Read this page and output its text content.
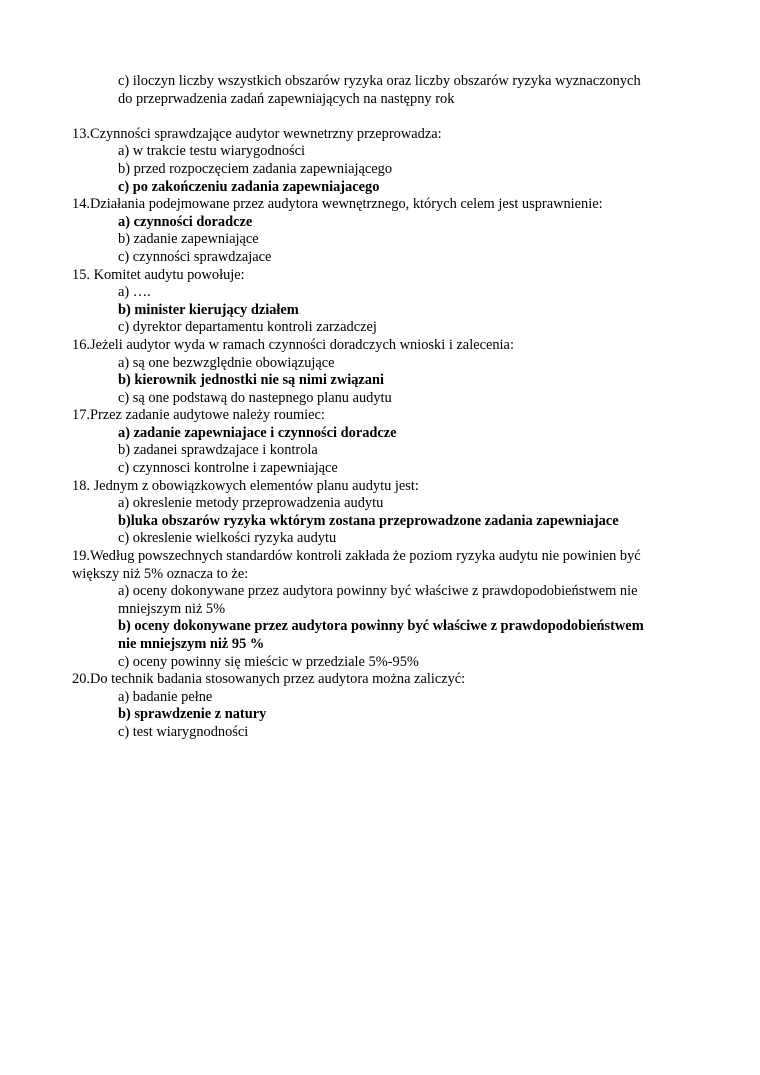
c) iloczyn liczby wszystkich obszarów ryzyka oraz liczby obszarów ryzyka wyznaczonych
do przeprwadzenia zadań zapewniających na następny rok
13.Czynności sprawdzające audytor wewnetrzny przeprowadza:
a) w trakcie testu wiarygodności
b) przed rozpoczęciem zadania zapewniającego
c) po zakończeniu zadania zapewniajacego
14.Działania podejmowane przez audytora wewnętrznego, których celem jest usprawnienie:
a) czynności doradcze
b) zadanie zapewniające
c) czynności sprawdzajace
15. Komitet audytu powołuje:
a) ….
b) minister kierujący działem
c) dyrektor departamentu kontroli zarzadczej
16.Jeżeli audytor wyda w ramach czynności doradczych wnioski i zalecenia:
a) są one bezwzględnie obowiązujące
b) kierownik jednostki nie są nimi związani
c) są one podstawą do nastepnego planu audytu
17.Przez zadanie audytowe należy roumiec:
a) zadanie zapewniajace i czynności doradcze
b) zadanei sprawdzajace i kontrola
c) czynnosci kontrolne i zapewniające
18. Jednym z obowiązkowych elementów planu audytu jest:
a) okreslenie metody przeprowadzenia audytu
b)luka obszarów ryzyka wktórym zostana przeprowadzone zadania zapewniajace
c) okreslenie wielkości ryzyka audytu
19.Według powszechnych standardów kontroli zakłada że poziom ryzyka audytu nie powinien być
większy niż 5% oznacza to że:
a) oceny dokonywane przez audytora powinny być właściwe z prawdopodobieństwem nie
mniejszym niż 5%
b) oceny dokonywane przez audytora powinny być właściwe z prawdopodobieństwem
nie mniejszym niż 95 %
c) oceny powinny się mieścic w przedziale 5%-95%
20.Do technik badania stosowanych przez audytora można zaliczyć:
a) badanie pełne
b) sprawdzenie z natury
c) test wiarygnodności
